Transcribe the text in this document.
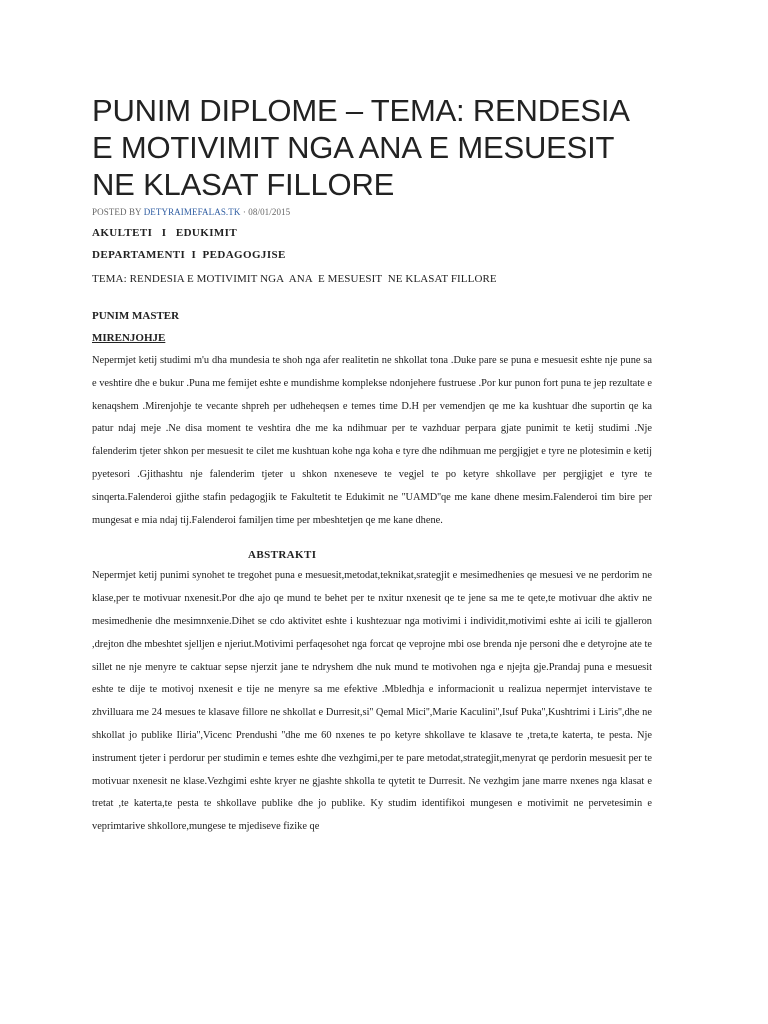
PUNIM DIPLOME – TEMA: RENDESIA E MOTIVIMIT NGA ANA E MESUESIT NE KLASAT FILLORE
POSTED BY DETYRAIMEFALAS.TK · 08/01/2015
AKULTETI   I   EDUKIMIT
DEPARTAMENTI  I  PEDAGOGJISE
TEMA: RENDESIA E MOTIVIMIT NGA  ANA  E MESUESIT  NE KLASAT FILLORE
PUNIM MASTER
MIRENJOHJE

Nepermjet ketij studimi m'u dha mundesia te shoh nga afer realitetin ne shkollat tona .Duke pare se puna e mesuesit eshte nje pune sa e veshtire dhe e bukur .Puna me femijet eshte e mundishme komplekse ndonjehere fustruese .Por kur punon fort puna te jep rezultate e kenaqshem .Mirenjohje te vecante shpreh per udheheqsen e temes time D.H per vemendjen qe me ka kushtuar dhe suportin qe ka patur ndaj meje .Ne disa moment te veshtira dhe me ka ndihmuar per te vazhduar perpara gjate punimit te ketij studimi .Nje falenderim tjeter shkon per mesuesit te cilet me kushtuan kohe nga koha e tyre dhe ndihmuan me pergjigjet e tyre ne plotesimin e ketij pyetesori .Gjithashtu nje falenderim tjeter u shkon nxeneseve te vegjel te po ketyre shkollave per pergjigjet e tyre te sinqerta.Falenderoi gjithe stafin pedagogjik te Fakultetit te Edukimit ne ''UAMD''qe me kane dhene mesim.Falenderoi tim bire per mungesat e mia ndaj tij.Falenderoi familjen time per mbeshtetjen qe me kane dhene.

ABSTRAKTI

Nepermjet ketij punimi synohet te tregohet puna e mesuesit,metodat,teknikat,srategjit e mesimedhenies qe mesuesi ve ne perdorim ne klase,per te motivuar nxenesit.Por dhe ajo qe mund te behet per te nxitur nxenesit qe te jene sa me te qete,te motivuar dhe aktiv ne mesimedhenie dhe mesimnxenie.Dihet se cdo aktivitet eshte i kushtezuar nga motivimi i individit,motivimi eshte ai icili te gjalleron ,drejton dhe mbeshtet sjelljen e njeriut.Motivimi perfaqesohet nga forcat qe veprojne mbi ose brenda nje personi dhe e detyrojne ate te sillet ne nje menyre te caktuar sepse njerzit jane te ndryshem dhe nuk mund te motivohen nga e njejta gje.Prandaj puna e mesuesit eshte te dije te motivoj nxenesit e tije ne menyre sa me efektive .Mbledhja e informacionit u realizua nepermjet intervistave te zhvilluara me 24 mesues te klasave fillore ne shkollat e Durresit,si'' Qemal Mici'',Marie Kaculini'',Isuf Puka'',Kushtrimi i Liris'',dhe ne shkollat jo publike Iliria'',Vicenc Prendushi ''dhe me 60 nxenes te po ketyre shkollave te klasave te ,treta,te katerta, te pesta. Nje instrument tjeter i perdorur per studimin e temes eshte dhe vezhgimi,per te pare metodat,strategjit,menyrat qe perdorin mesuesit per te motivuar nxenesit ne klase.Vezhgimi eshte kryer ne gjashte shkolla te qytetit te Durresit. Ne vezhgim jane marre nxenes nga klasat e tretat ,te katerta,te pesta te shkollave publike dhe jo publike. Ky studim identifikoi mungesen e motivimit ne pervetesimin e veprimtarive shkollore,mungese te mjediseve fizike qe
